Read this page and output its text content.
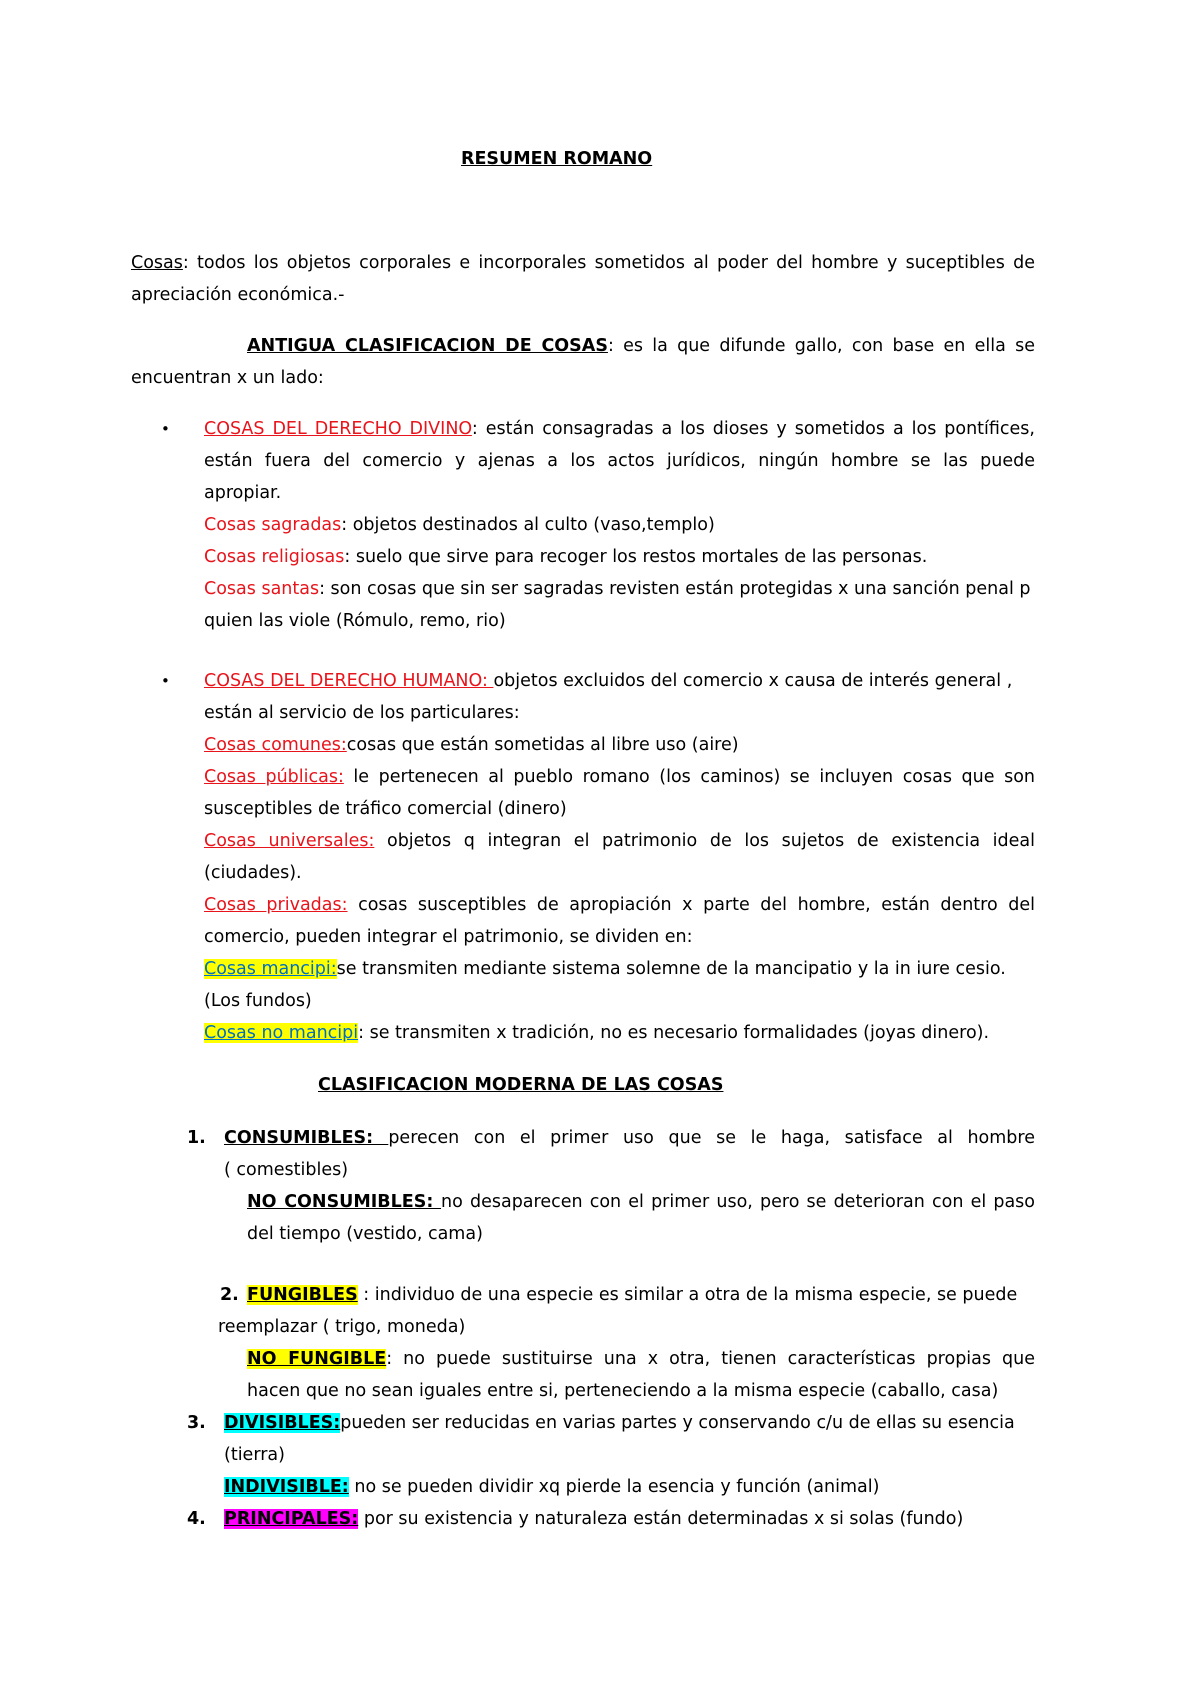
RESUMEN ROMANO
Cosas: todos los objetos corporales e incorporales sometidos al poder del hombre y suceptibles de
apreciación económica.-
ANTIGUA CLASIFICACION DE COSAS: es la que difunde gallo, con base en ella se
encuentran x un lado:
• COSAS DEL DERECHO DIVINO: están consagradas a los dioses y sometidos a los pontífices,
están fuera del comercio y ajenas a los actos jurídicos, ningún hombre se las puede
apropiar.
Cosas sagradas: objetos destinados al culto (vaso,templo)
Cosas religiosas: suelo que sirve para recoger los restos mortales de las personas.
Cosas santas: son cosas que sin ser sagradas revisten están protegidas x una sanción penal p
quien las viole (Rómulo, remo, rio)
• COSAS DEL DERECHO HUMANO: objetos excluidos del comercio x causa de interés general ,
están al servicio de los particulares:
Cosas comunes:cosas que están sometidas al libre uso (aire)
Cosas públicas: le pertenecen al pueblo romano (los caminos) se incluyen cosas que son
susceptibles de tráfico comercial (dinero)
Cosas universales: objetos q integran el patrimonio de los sujetos de existencia ideal
(ciudades).
Cosas privadas: cosas susceptibles de apropiación x parte del hombre, están dentro del
comercio, pueden integrar el patrimonio, se dividen en:
Cosas mancipi:se transmiten mediante sistema solemne de la mancipatio y la in iure cesio.
(Los fundos)
Cosas no mancipi: se transmiten x tradición, no es necesario formalidades (joyas dinero).
CLASIFICACION MODERNA DE LAS COSAS
1. CONSUMIBLES: perecen con el primer uso que se le haga, satisface al hombre
( comestibles)
NO CONSUMIBLES: no desaparecen con el primer uso, pero se deterioran con el paso
del tiempo (vestido, cama)
2. FUNGIBLES : individuo de una especie es similar a otra de la misma especie, se puede
reemplazar ( trigo, moneda)
NO FUNGIBLE: no puede sustituirse una x otra, tienen características propias que
hacen que no sean iguales entre si, perteneciendo a la misma especie (caballo, casa)
3. DIVISIBLES:pueden ser reducidas en varias partes y conservando c/u de ellas su esencia
(tierra)
INDIVISIBLE: no se pueden dividir xq pierde la esencia y función (animal)
4. PRINCIPALES: por su existencia y naturaleza están determinadas x si solas (fundo)
